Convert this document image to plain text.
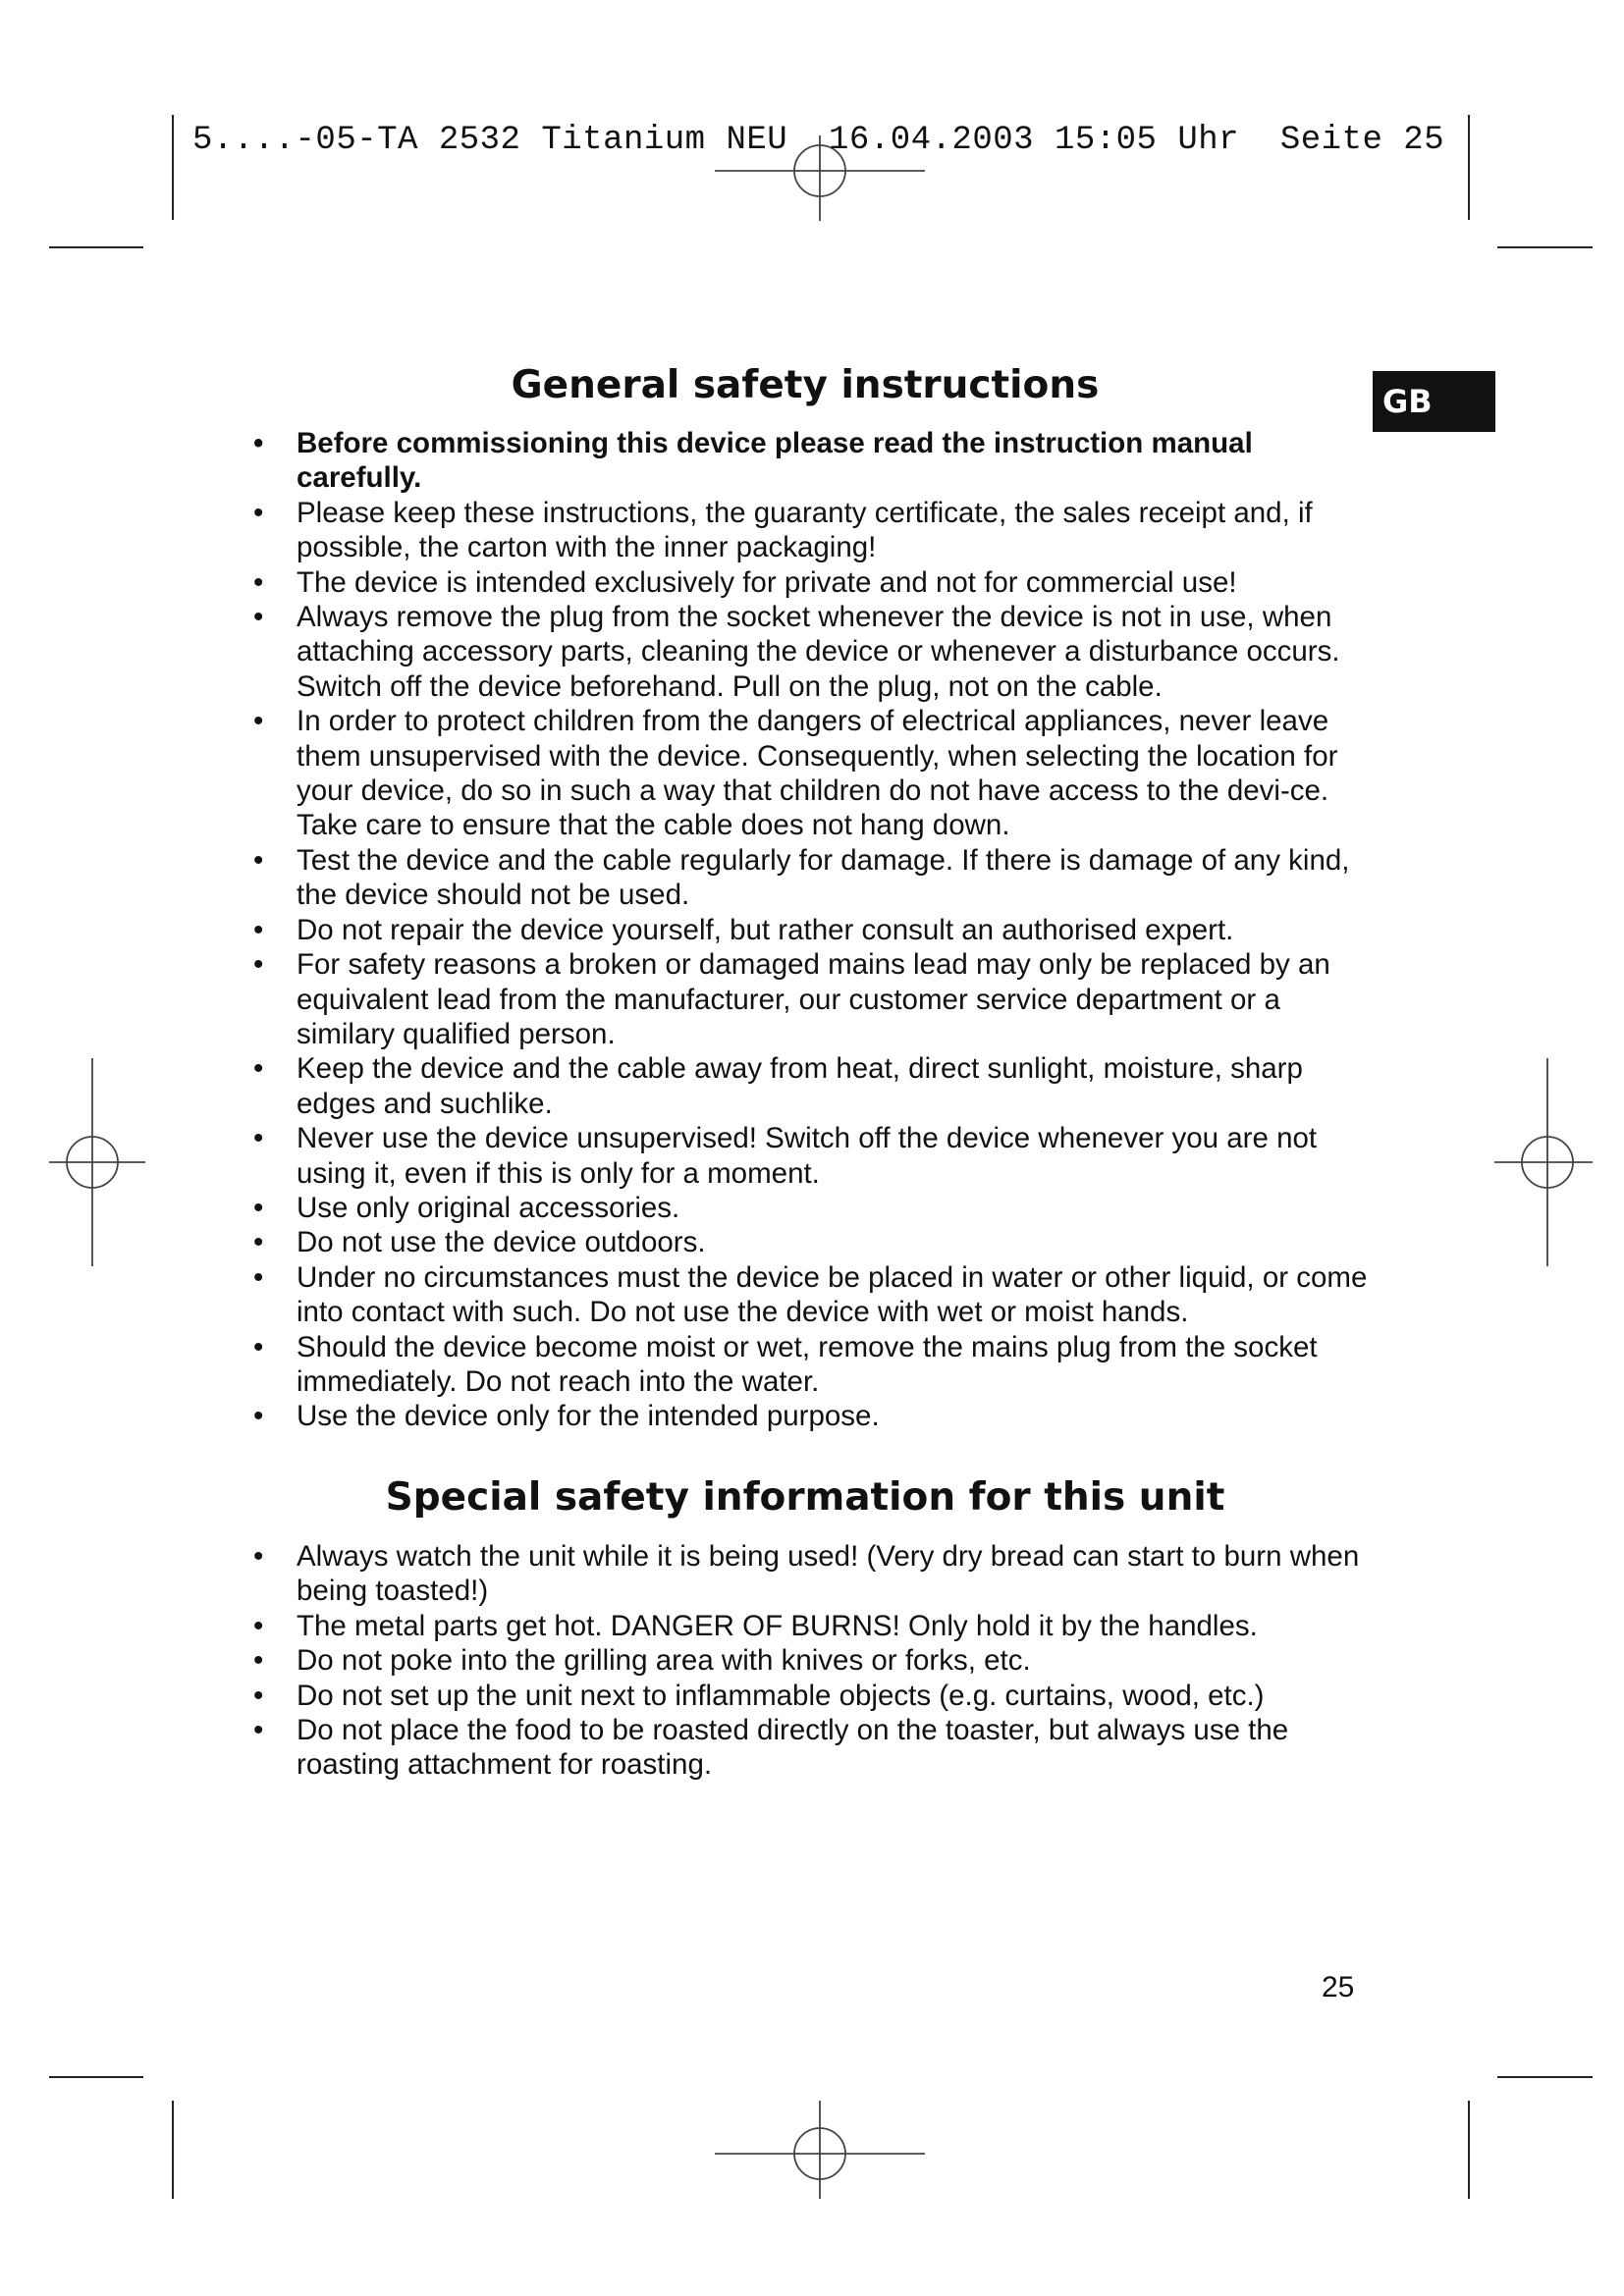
5....-05-TA 2532 Titanium NEU  16.04.2003 15:05 Uhr  Seite 25

GB
General safety instructions
• Before commissioning this device please read the instruction manual carefully.
• Please keep these instructions, the guaranty certificate, the sales receipt and, if possible, the carton with the inner packaging!
• The device is intended exclusively for private and not for commercial use!
• Always remove the plug from the socket whenever the device is not in use, when attaching accessory parts, cleaning the device or whenever a disturbance occurs. Switch off the device beforehand. Pull on the plug, not on the cable.
• In order to protect children from the dangers of electrical appliances, never leave them unsupervised with the device. Consequently, when selecting the location for your device, do so in such a way that children do not have access to the devi-ce. Take care to ensure that the cable does not hang down.
• Test the device and the cable regularly for damage. If there is damage of any kind, the device should not be used.
• Do not repair the device yourself, but rather consult an authorised expert.
• For safety reasons a broken or damaged mains lead may only be replaced by an equivalent lead from the manufacturer, our customer service department or a similary qualified person.
• Keep the device and the cable away from heat, direct sunlight, moisture, sharp edges and suchlike.
• Never use the device unsupervised! Switch off the device whenever you are not using it, even if this is only for a moment.
• Use only original accessories.
• Do not use the device outdoors.
• Under no circumstances must the device be placed in water or other liquid, or come into contact with such. Do not use the device with wet or moist hands.
• Should the device become moist or wet, remove the mains plug from the socket immediately. Do not reach into the water.
• Use the device only for the intended purpose.
Special safety information for this unit
• Always watch the unit while it is being used! (Very dry bread can start to burn when being toasted!)
• The metal parts get hot. DANGER OF BURNS! Only hold it by the handles.
• Do not poke into the grilling area with knives or forks, etc.
• Do not set up the unit next to inflammable objects (e.g. curtains, wood, etc.)
• Do not place the food to be roasted directly on the toaster, but always use the roasting attachment for roasting.
25
